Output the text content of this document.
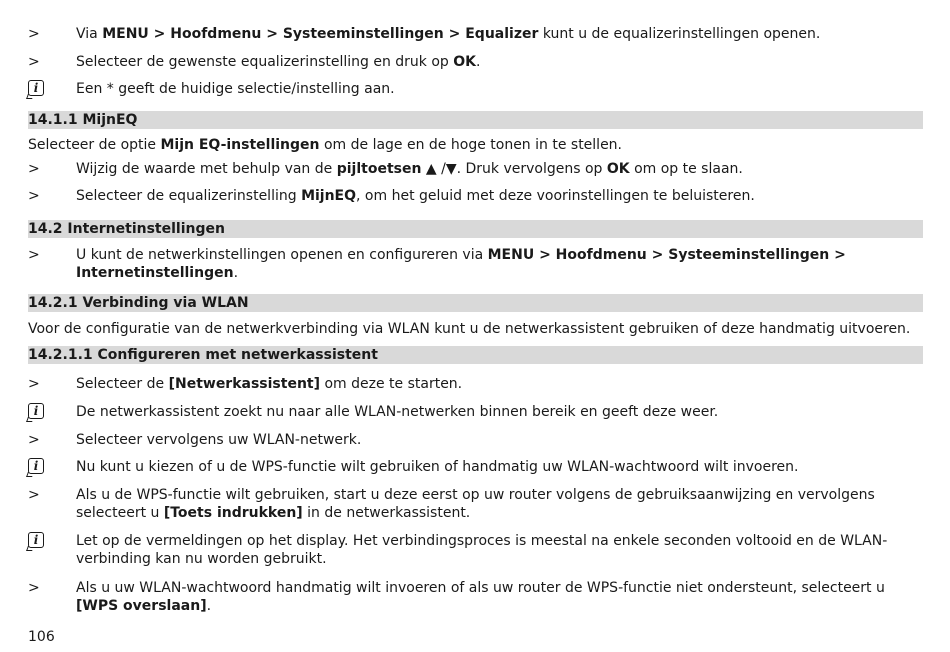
>	Via MENU > Hoofdmenu > Systeeminstellingen > Equalizer kunt u de equalizerinstellingen openen.
>	Selecteer de gewenste equalizerinstelling en druk op OK.
i
Een * geeft de huidige selectie/instelling aan.
14.1.1 MijnEQ
Selecteer de optie Mijn EQ-instellingen om de lage en de hoge tonen in te stellen.
>	Wijzig de waarde met behulp van de pijltoetsen ▲ /▼. Druk vervolgens op OK om op te slaan.
>	Selecteer de equalizerinstelling MijnEQ, om het geluid met deze voorinstellingen te beluisteren.
14.2 Internetinstellingen
>	U kunt de netwerkinstellingen openen en configureren via MENU > Hoofdmenu > Systeeminstellingen >
Internetinstellingen.
14.2.1 Verbinding via WLAN
Voor de configuratie van de netwerkverbinding via WLAN kunt u de netwerkassistent gebruiken of deze handmatig uitvoeren.
14.2.1.1 Configureren met netwerkassistent
>	Selecteer de [Netwerkassistent] om deze te starten.
i
De netwerkassistent zoekt nu naar alle WLAN-netwerken binnen bereik en geeft deze weer.
>	Selecteer vervolgens uw WLAN-netwerk.
i
Nu kunt u kiezen of u de WPS-functie wilt gebruiken of handmatig uw WLAN-wachtwoord wilt invoeren.
>	Als u de WPS-functie wilt gebruiken, start u deze eerst op uw router volgens de gebruiksaanwijzing en vervolgens
selecteert u [Toets indrukken] in de netwerkassistent.
i
Let op de vermeldingen op het display. Het verbindingsproces is meestal na enkele seconden voltooid en de WLAN-
verbinding kan nu worden gebruikt.
>	Als u uw WLAN-wachtwoord handmatig wilt invoeren of als uw router de WPS-functie niet ondersteunt, selecteert u
[WPS overslaan].
106
